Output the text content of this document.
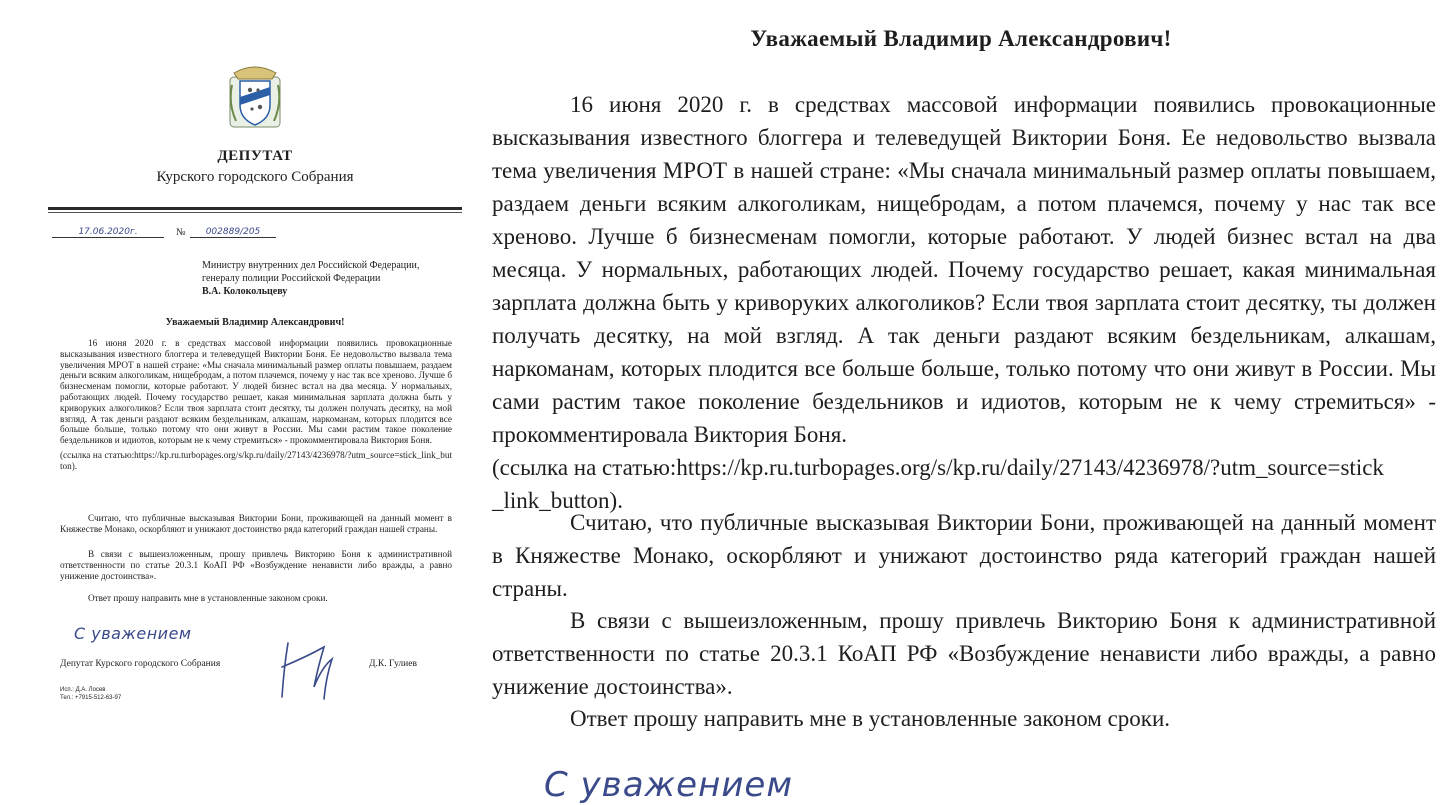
ДЕПУТАТ
Курского городского Собрания
17.06.2020г.	№	002889/205
Министру внутренних дел Российской Федерации,
генералу полиции Российской Федерации
В.А. Колокольцеву
Уважаемый Владимир Александрович!

16 июня 2020 г. в средствах массовой информации появились провокационные высказывания известного блоггера и телеведущей Виктории Боня. Ее недовольство вызвала тема увеличения МРОТ в нашей стране: «Мы сначала минимальный размер оплаты повышаем, раздаем деньги всяким алкоголикам, нищебродам, а потом плачемся, почему у нас так все хреново. Лучше б бизнесменам помогли, которые работают. У людей бизнес встал на два месяца. У нормальных, работающих людей. Почему государство решает, какая минимальная зарплата должна быть у криворуких алкоголиков? Если твоя зарплата стоит десятку, ты должен получать десятку, на мой взгляд. А так деньги раздают всяким бездельникам, алкашам, наркоманам, которых плодится все больше больше, только потому что они живут в России. Мы сами растим такое поколение бездельников и идиотов, которым не к чему стремиться» - прокомментировала Виктория Боня.

(ссылка на статью:https://kp.ru.turbopages.org/s/kp.ru/daily/27143/4236978/?utm_source=stick_link_button).

Считаю, что публичные высказывая Виктории Бони, проживающей на данный момент в Княжестве Монако, оскорбляют и унижают достоинство ряда категорий граждан нашей страны.

В связи с вышеизложенным, прошу привлечь Викторию Боня к административной ответственности по статье 20.3.1 КоАП РФ «Возбуждение ненависти либо вражды, а равно унижение достоинства».

Ответ прошу направить мне в установленные законом сроки.

С уважением
Депутат Курского городского Собрания	Д.К. Гулиев
Исп.: Д.А. Лосев
Тел.: +7915-512-63-97
Уважаемый Владимир Александрович!

16 июня 2020 г. в средствах массовой информации появились провокационные высказывания известного блоггера и телеведущей Виктории Боня. Ее недовольство вызвала тема увеличения МРОТ в нашей стране: «Мы сначала минимальный размер оплаты повышаем, раздаем деньги всяким алкоголикам, нищебродам, а потом плачемся, почему у нас так все хреново. Лучше б бизнесменам помогли, которые работают. У людей бизнес встал на два месяца. У нормальных, работающих людей. Почему государство решает, какая минимальная зарплата должна быть у криворуких алкоголиков? Если твоя зарплата стоит десятку, ты должен получать десятку, на мой взгляд. А так деньги раздают всяким бездельникам, алкашам, наркоманам, которых плодится все больше больше, только потому что они живут в России. Мы сами растим такое поколение бездельников и идиотов, которым не к чему стремиться» - прокомментировала Виктория Боня.

(ссылка на статью:https://kp.ru.turbopages.org/s/kp.ru/daily/27143/4236978/?utm_source=stick

_link_button).

Считаю, что публичные высказывая Виктории Бони, проживающей на данный момент в Княжестве Монако, оскорбляют и унижают достоинство ряда категорий граждан нашей страны.

В связи с вышеизложенным, прошу привлечь Викторию Боня к административной ответственности по статье 20.3.1 КоАП РФ «Возбуждение ненависти либо вражды, а равно унижение достоинства».

Ответ прошу направить мне в установленные законом сроки.

С уважением
